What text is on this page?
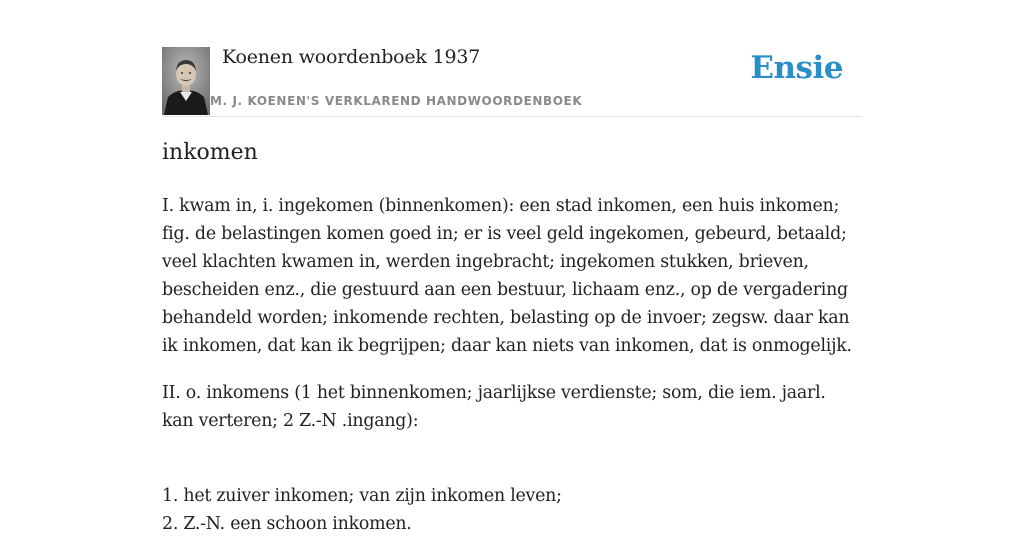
Koenen woordenboek 1937
M. J. KOENEN'S VERKLAREND HANDWOORDENBOEK
Ensie
inkomen

I. kwam in, i. ingekomen (binnenkomen): een stad inkomen, een huis inkomen; fig. de belastingen komen goed in; er is veel geld ingekomen, gebeurd, betaald; veel klachten kwamen in, werden ingebracht; ingekomen stukken, brieven, bescheiden enz., die gestuurd aan een bestuur, lichaam enz., op de vergadering behandeld worden; inkomende rechten, belasting op de invoer; zegsw. daar kan ik inkomen, dat kan ik begrijpen; daar kan niets van inkomen, dat is onmogelijk.

II. o. inkomens (1 het binnenkomen; jaarlijkse verdienste; som, die iem. jaarl. kan verteren; 2 Z.-N .ingang):

1. het zuiver inkomen; van zijn inkomen leven;
2. Z.-N. een schoon inkomen.
